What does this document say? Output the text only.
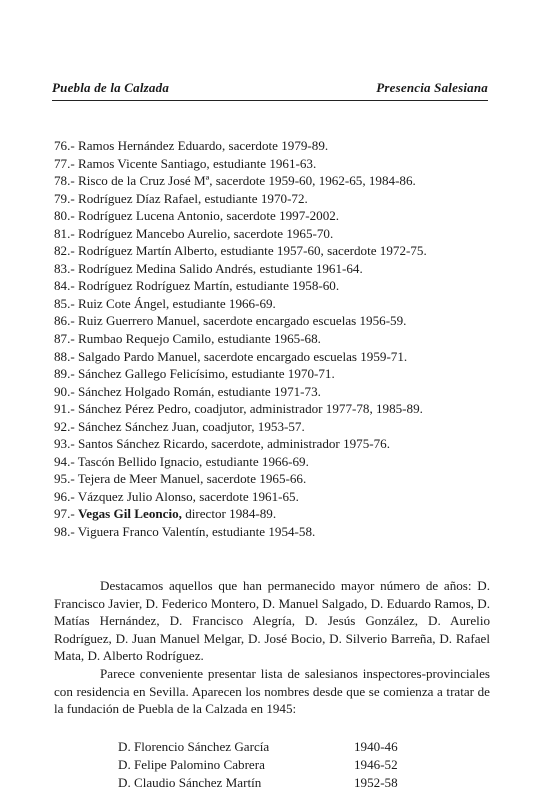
Puebla de la Calzada	Presencia Salesiana
76.- Ramos Hernández Eduardo, sacerdote 1979-89.
77.- Ramos Vicente Santiago, estudiante 1961-63.
78.- Risco de la Cruz José Mª, sacerdote 1959-60, 1962-65, 1984-86.
79.- Rodríguez Díaz Rafael, estudiante 1970-72.
80.- Rodríguez Lucena Antonio, sacerdote 1997-2002.
81.- Rodríguez Mancebo Aurelio, sacerdote 1965-70.
82.- Rodríguez Martín Alberto, estudiante 1957-60, sacerdote 1972-75.
83.- Rodríguez Medina Salido Andrés, estudiante 1961-64.
84.- Rodríguez Rodríguez Martín, estudiante 1958-60.
85.- Ruiz Cote Ángel, estudiante 1966-69.
86.- Ruiz Guerrero Manuel, sacerdote encargado escuelas 1956-59.
87.- Rumbao Requejo Camilo, estudiante 1965-68.
88.- Salgado Pardo Manuel, sacerdote encargado escuelas 1959-71.
89.- Sánchez Gallego Felicísimo, estudiante 1970-71.
90.- Sánchez Holgado Román, estudiante 1971-73.
91.- Sánchez Pérez Pedro, coadjutor, administrador 1977-78, 1985-89.
92.- Sánchez Sánchez Juan, coadjutor, 1953-57.
93.- Santos Sánchez Ricardo, sacerdote, administrador 1975-76.
94.- Tascón Bellido Ignacio, estudiante 1966-69.
95.- Tejera de Meer Manuel, sacerdote 1965-66.
96.- Vázquez Julio Alonso, sacerdote 1961-65.
97.- Vegas Gil Leoncio, director 1984-89.
98.- Viguera Franco Valentín, estudiante 1954-58.
Destacamos aquellos que han permanecido mayor número de años: D. Francisco Javier, D. Federico Montero, D. Manuel Salgado, D. Eduardo Ramos, D. Matías Hernández, D. Francisco Alegría, D. Jesús González, D. Aurelio Rodríguez, D. Juan Manuel Melgar, D. José Bocio, D. Silverio Barreña, D. Rafael Mata, D. Alberto Rodríguez.
Parece conveniente presentar lista de salesianos inspectores-provinciales con residencia en Sevilla. Aparecen los nombres desde que se comienza a tratar de la fundación de Puebla de la Calzada en 1945:
D. Florencio Sánchez García	1940-46
D. Felipe Palomino Cabrera	1946-52
D. Claudio Sánchez Martín	1952-58
